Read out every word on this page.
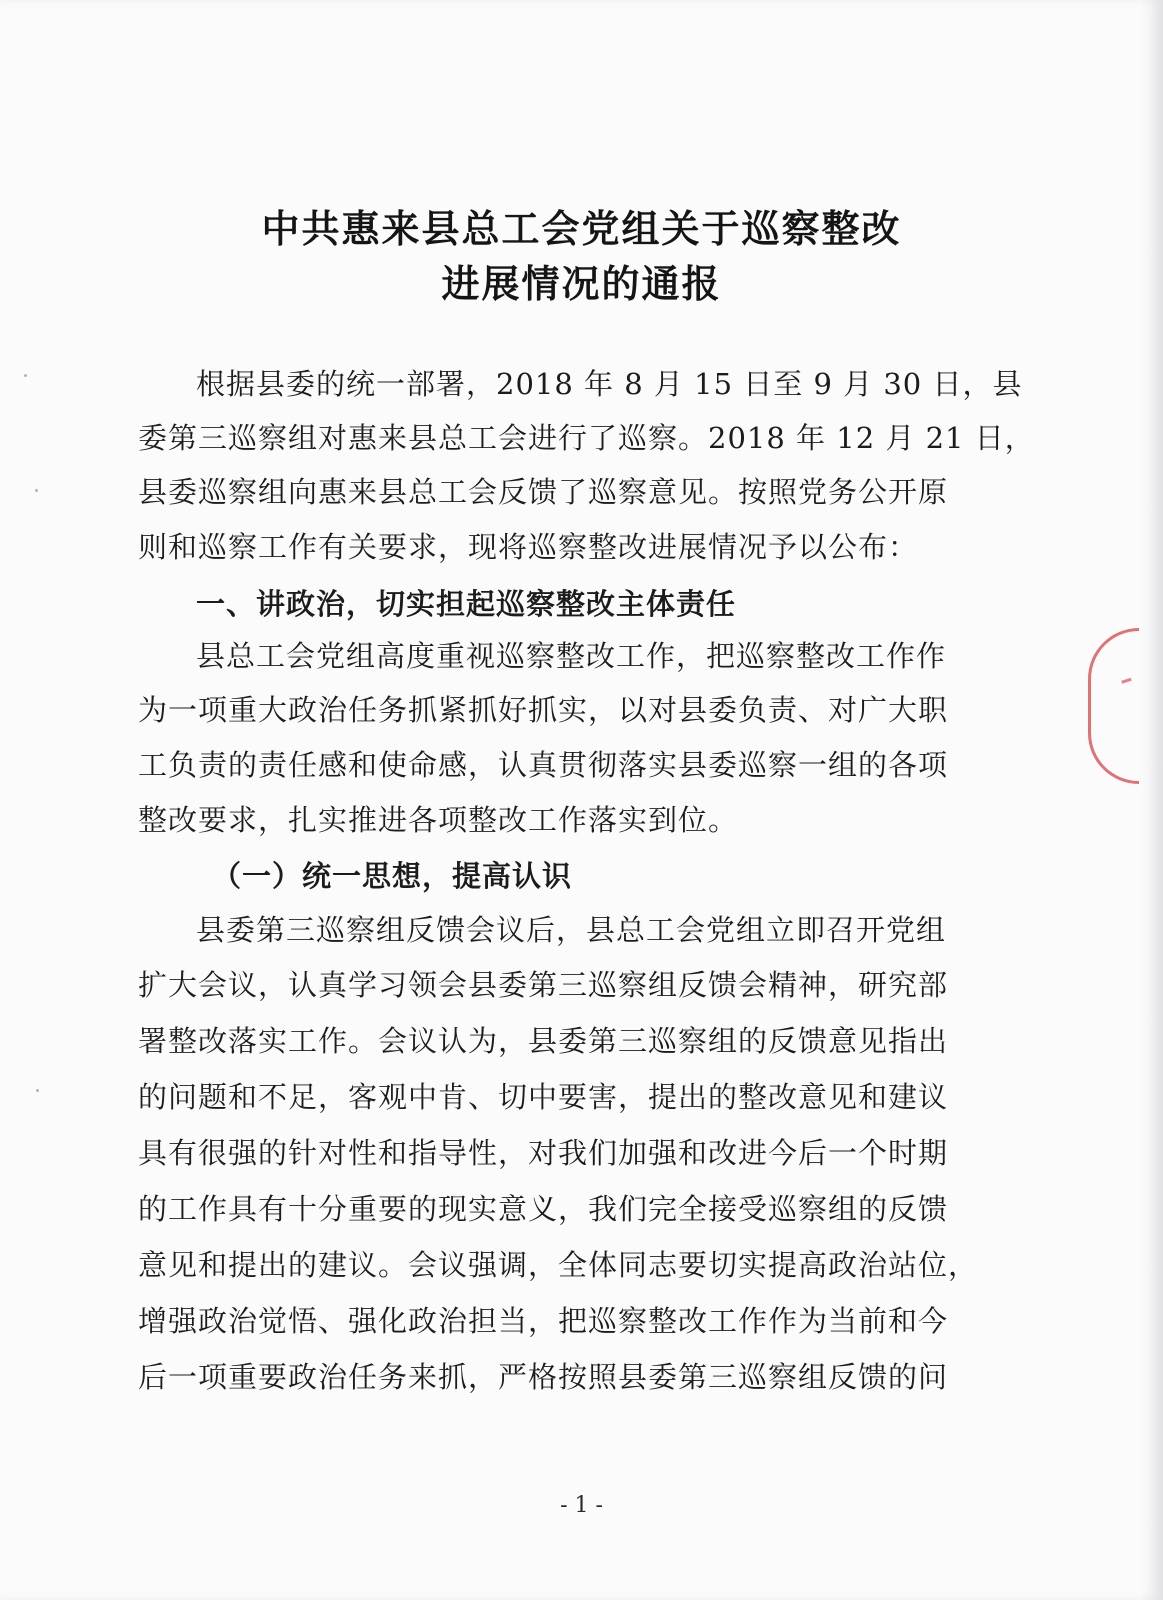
中共惠来县总工会党组关于巡察整改
进展情况的通报
根据县委的统一部署，2018 年 8 月 15 日至 9 月 30 日，县
委第三巡察组对惠来县总工会进行了巡察。2018 年 12 月 21 日，
县委巡察组向惠来县总工会反馈了巡察意见。按照党务公开原
则和巡察工作有关要求，现将巡察整改进展情况予以公布：
一、讲政治，切实担起巡察整改主体责任
县总工会党组高度重视巡察整改工作，把巡察整改工作作
为一项重大政治任务抓紧抓好抓实，以对县委负责、对广大职
工负责的责任感和使命感，认真贯彻落实县委巡察一组的各项
整改要求，扎实推进各项整改工作落实到位。
（一）统一思想，提高认识
县委第三巡察组反馈会议后，县总工会党组立即召开党组
扩大会议，认真学习领会县委第三巡察组反馈会精神，研究部
署整改落实工作。会议认为，县委第三巡察组的反馈意见指出
的问题和不足，客观中肯、切中要害，提出的整改意见和建议
具有很强的针对性和指导性，对我们加强和改进今后一个时期
的工作具有十分重要的现实意义，我们完全接受巡察组的反馈
意见和提出的建议。会议强调，全体同志要切实提高政治站位，
增强政治觉悟、强化政治担当，把巡察整改工作作为当前和今
后一项重要政治任务来抓，严格按照县委第三巡察组反馈的问
- 1 -
